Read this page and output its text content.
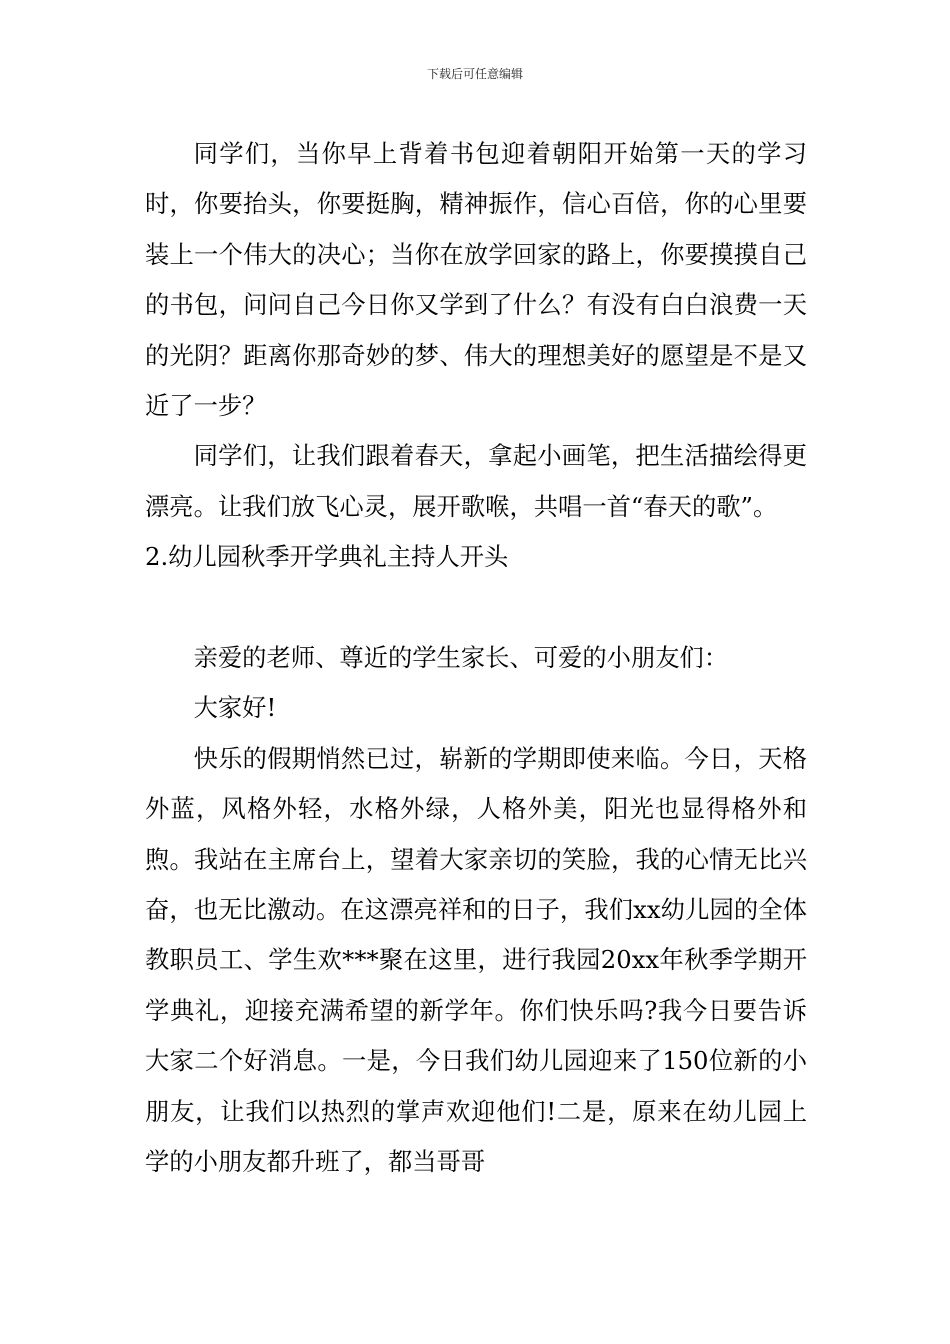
下载后可任意编辑

同学们，当你早上背着书包迎着朝阳开始第一天的学习时，你要抬头，你要挺胸，精神振作，信心百倍，你的心里要装上一个伟大的决心；当你在放学回家的路上，你要摸摸自己的书包，问问自己今日你又学到了什么？有没有白白浪费一天的光阴？距离你那奇妙的梦、伟大的理想美好的愿望是不是又近了一步？

同学们，让我们跟着春天，拿起小画笔，把生活描绘得更漂亮。让我们放飞心灵，展开歌喉，共唱一首“春天的歌”。

2.幼儿园秋季开学典礼主持人开头

亲爱的老师、尊近的学生家长、可爱的小朋友们：

大家好!

快乐的假期悄然已过，崭新的学期即使来临。今日，天格外蓝，风格外轻，水格外绿，人格外美，阳光也显得格外和煦。我站在主席台上，望着大家亲切的笑脸，我的心情无比兴奋，也无比激动。在这漂亮祥和的日子，我们xx幼儿园的全体教职员工、学生欢***聚在这里，进行我园20xx年秋季学期开学典礼，迎接充满希望的新学年。你们快乐吗?我今日要告诉大家二个好消息。一是，今日我们幼儿园迎来了150位新的小朋友，让我们以热烈的掌声欢迎他们!二是，原来在幼儿园上学的小朋友都升班了，都当哥哥
